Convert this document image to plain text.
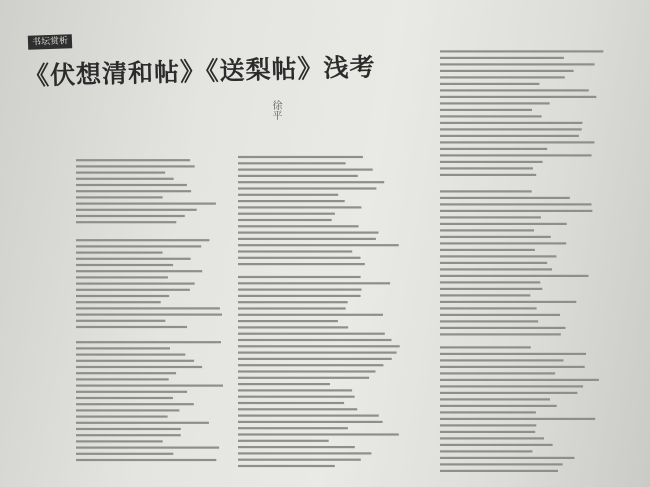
书坛赏析
《伏想清和帖》《送梨帖》浅考
徐平
